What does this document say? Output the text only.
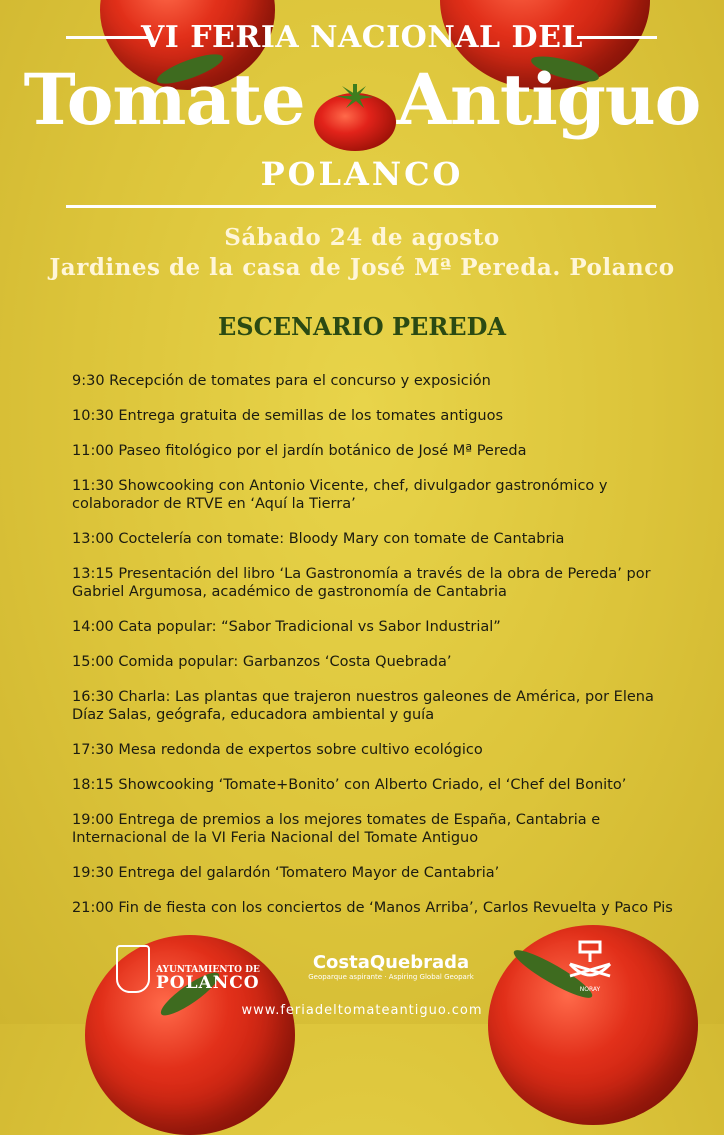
VI FERIA NACIONAL DEL

Tomate Antiguo

POLANCO

Sábado 24 de agosto

Jardines de la casa de José Mª Pereda. Polanco

ESCENARIO PEREDA
9:30 Recepción de tomates para el concurso y exposición
10:30 Entrega gratuita de semillas de los tomates antiguos
11:00 Paseo fitológico por el jardín botánico de José Mª Pereda
11:30 Showcooking con Antonio Vicente, chef, divulgador gastronómico y colaborador de RTVE en ‘Aquí la Tierra’
13:00 Coctelería con tomate: Bloody Mary con tomate de Cantabria
13:15 Presentación del libro ‘La Gastronomía a través de la obra de Pereda’ por Gabriel Argumosa, académico de gastronomía de Cantabria
14:00 Cata popular: “Sabor Tradicional vs Sabor Industrial”
15:00 Comida popular: Garbanzos ‘Costa Quebrada’
16:30 Charla: Las plantas que trajeron nuestros galeones de América, por Elena Díaz Salas, geógrafa, educadora ambiental y guía
17:30 Mesa redonda de expertos sobre cultivo ecológico
18:15 Showcooking ‘Tomate+Bonito’ con Alberto Criado, el ‘Chef del Bonito’
19:00 Entrega de premios a los mejores tomates de España, Cantabria e Internacional de la VI Feria Nacional del Tomate Antiguo
19:30 Entrega del galardón ‘Tomatero Mayor de Cantabria’
21:00 Fin de fiesta con los conciertos de ‘Manos Arriba’, Carlos Revuelta y Paco Pis
AYUNTAMIENTO DE
POLANCO
CostaQuebrada
Geoparque aspirante · Aspiring Global Geopark
NORAY

www.feriadeltomateantiguo.com
